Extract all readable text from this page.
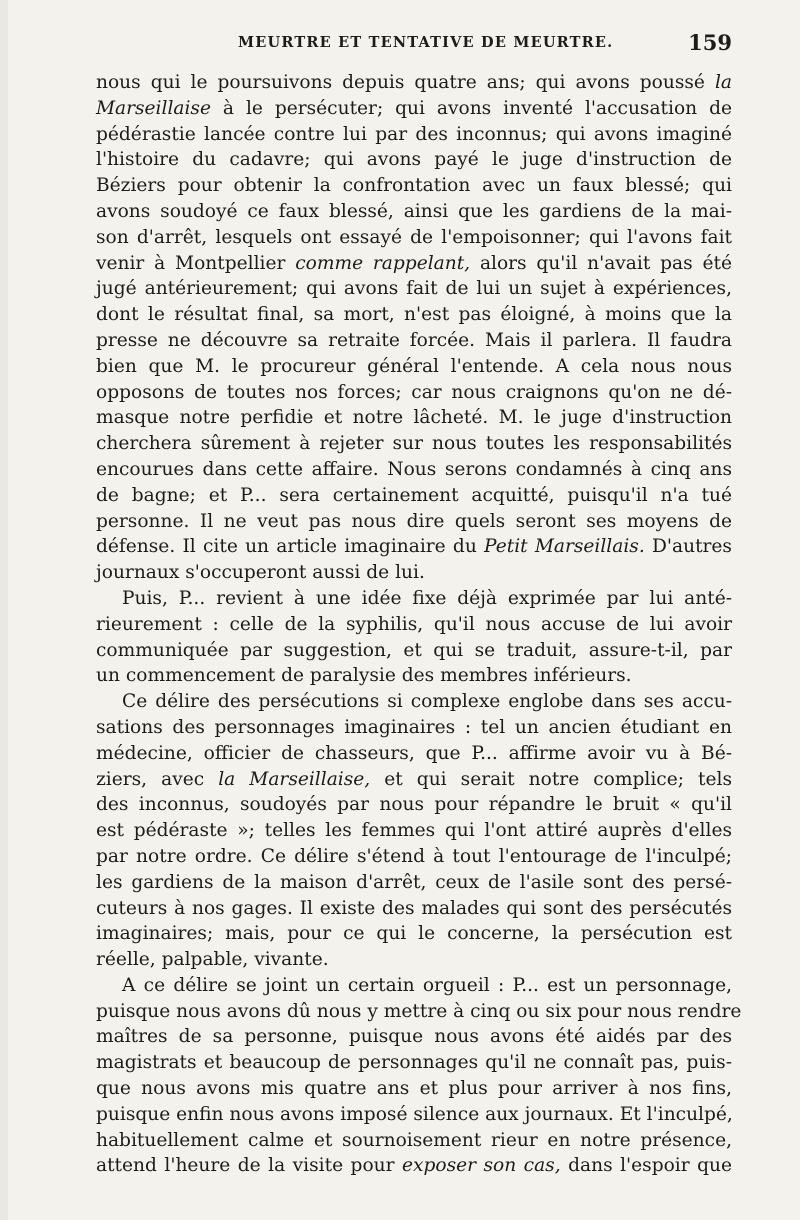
MEURTRE ET TENTATIVE DE MEURTRE.	159
nous qui le poursuivons depuis quatre ans; qui avons poussé la
Marseillaise à le persécuter; qui avons inventé l'accusation de
pédérastie lancée contre lui par des inconnus; qui avons imaginé
l'histoire du cadavre; qui avons payé le juge d'instruction de
Béziers pour obtenir la confrontation avec un faux blessé; qui
avons soudoyé ce faux blessé, ainsi que les gardiens de la mai-
son d'arrêt, lesquels ont essayé de l'empoisonner; qui l'avons fait
venir à Montpellier comme rappelant, alors qu'il n'avait pas été
jugé antérieurement; qui avons fait de lui un sujet à expériences,
dont le résultat final, sa mort, n'est pas éloigné, à moins que la
presse ne découvre sa retraite forcée. Mais il parlera. Il faudra
bien que M. le procureur général l'entende. A cela nous nous
opposons de toutes nos forces; car nous craignons qu'on ne dé-
masque notre perfidie et notre lâcheté. M. le juge d'instruction
cherchera sûrement à rejeter sur nous toutes les responsabilités
encourues dans cette affaire. Nous serons condamnés à cinq ans
de bagne; et P... sera certainement acquitté, puisqu'il n'a tué
personne. Il ne veut pas nous dire quels seront ses moyens de
défense. Il cite un article imaginaire du Petit Marseillais. D'autres
journaux s'occuperont aussi de lui.
Puis, P... revient à une idée fixe déjà exprimée par lui anté-
rieurement : celle de la syphilis, qu'il nous accuse de lui avoir
communiquée par suggestion, et qui se traduit, assure-t-il, par
un commencement de paralysie des membres inférieurs.
Ce délire des persécutions si complexe englobe dans ses accu-
sations des personnages imaginaires : tel un ancien étudiant en
médecine, officier de chasseurs, que P... affirme avoir vu à Bé-
ziers, avec la Marseillaise, et qui serait notre complice; tels
des inconnus, soudoyés par nous pour répandre le bruit « qu'il
est pédéraste »; telles les femmes qui l'ont attiré auprès d'elles
par notre ordre. Ce délire s'étend à tout l'entourage de l'inculpé;
les gardiens de la maison d'arrêt, ceux de l'asile sont des persé-
cuteurs à nos gages. Il existe des malades qui sont des persécutés
imaginaires; mais, pour ce qui le concerne, la persécution est
réelle, palpable, vivante.
A ce délire se joint un certain orgueil : P... est un personnage,
puisque nous avons dû nous y mettre à cinq ou six pour nous rendre
maîtres de sa personne, puisque nous avons été aidés par des
magistrats et beaucoup de personnages qu'il ne connaît pas, puis-
que nous avons mis quatre ans et plus pour arriver à nos fins,
puisque enfin nous avons imposé silence aux journaux. Et l'inculpé,
habituellement calme et sournoisement rieur en notre présence,
attend l'heure de la visite pour exposer son cas, dans l'espoir que
